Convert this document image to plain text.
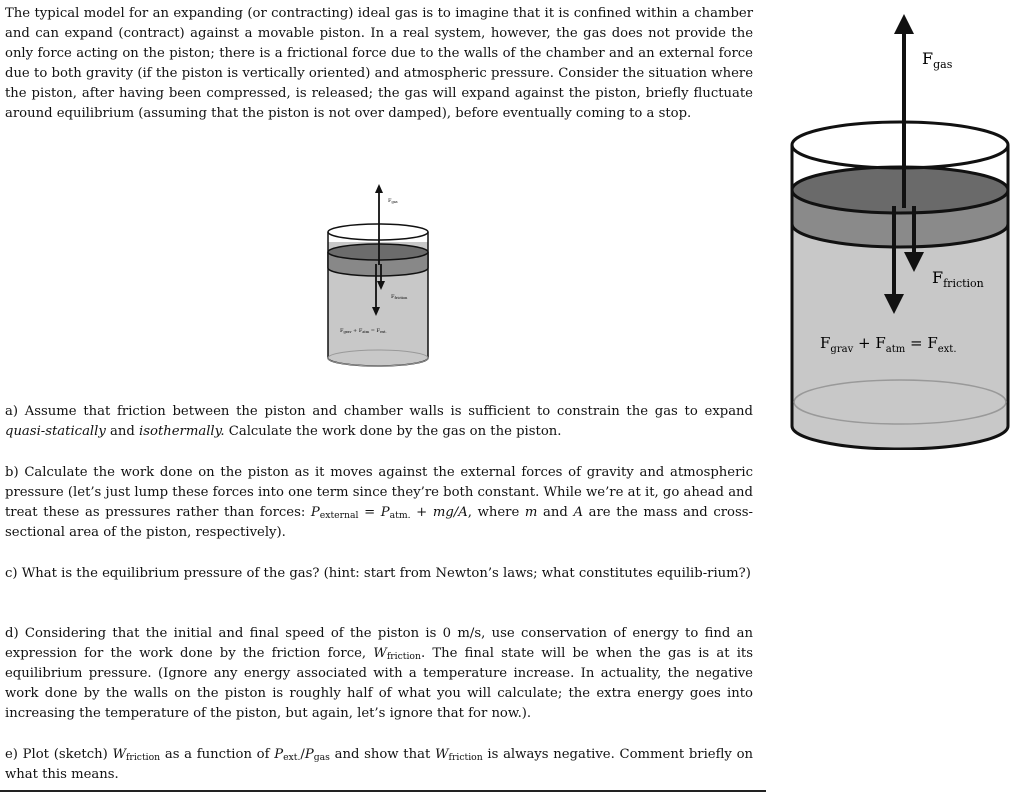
The typical model for an expanding (or contracting) ideal gas is to imagine that it is confined within a chamber and can expand (contract) against a movable piston. In a real system, however, the gas does not provide the only force acting on the piston; there is a frictional force due to the walls of the chamber and an external force due to both gravity (if the piston is vertically oriented) and atmospheric pressure. Consider the situation where the piston, after having been compressed, is released; the gas will expand against the piston, briefly fluctuate around equilibrium (assuming that the piston is not over damped), before eventually coming to a stop.

$F_{gas}$
$F_{friction}$
$F_{grav} + F_{atm} = F_{ext.}$
$F_{gas}$
$F_{friction}$
$F_{grav} + F_{atm} = F_{ext.}$

a) Assume that friction between the piston and chamber walls is sufficient to constrain the gas to expand quasi-statically and isothermally. Calculate the work done by the gas on the piston.

b) Calculate the work done on the piston as it moves against the external forces of gravity and atmospheric pressure (let’s just lump these forces into one term since they’re both constant. While we’re at it, go ahead and treat these as pressures rather than forces: $P_{external} = P_{atm.} + mg/A$, where m and A are the mass and cross-sectional area of the piston, respectively).

c) What is the equilibrium pressure of the gas? (hint: start from Newton’s laws; what constitutes equilib-rium?)

d) Considering that the initial and final speed of the piston is 0 m/s, use conservation of energy to find an expression for the work done by the friction force, $W_{friction}$. The final state will be when the gas is at its equilibrium pressure. (Ignore any energy associated with a temperature increase. In actuality, the negative work done by the walls on the piston is roughly half of what you will calculate; the extra energy goes into increasing the temperature of the piston, but again, let’s ignore that for now.).

e) Plot (sketch) $W_{friction}$ as a function of $P_{ext.}/P_{gas}$ and show that $W_{friction}$ is always negative. Comment briefly on what this means.
